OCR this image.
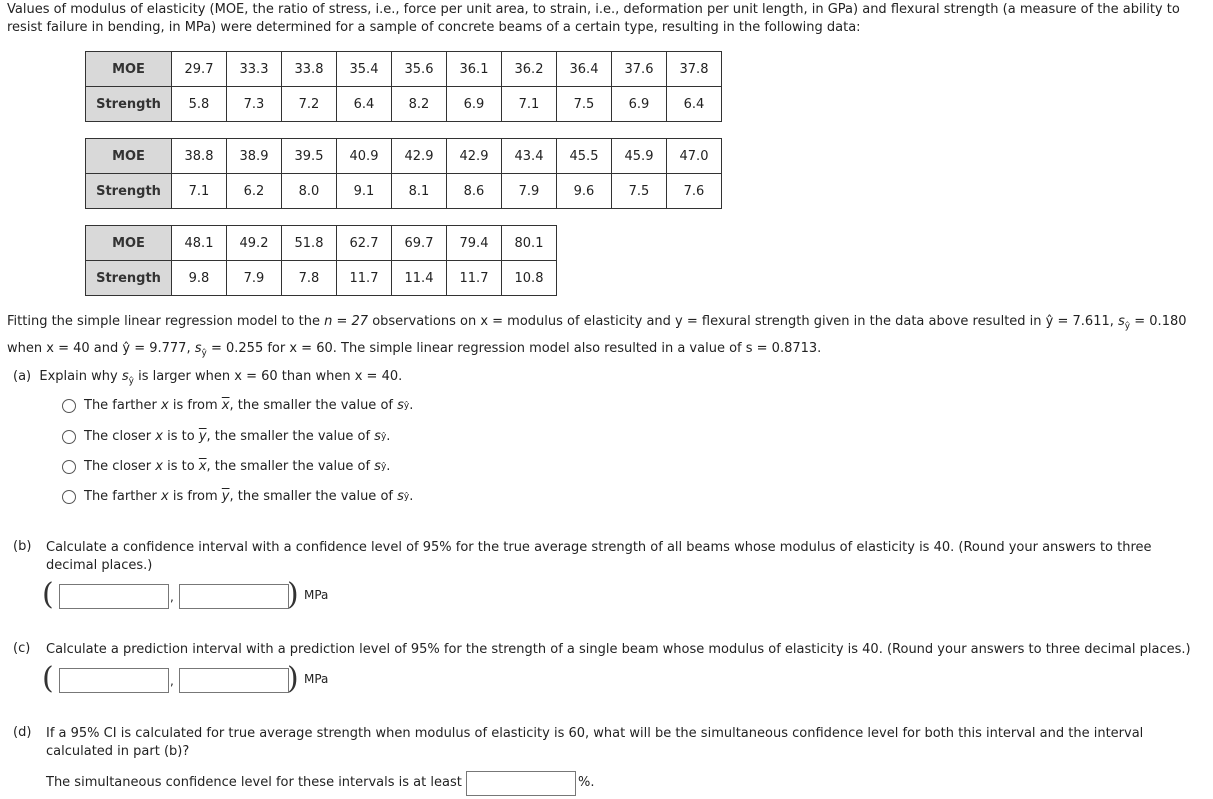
Values of modulus of elasticity (MOE, the ratio of stress, i.e., force per unit area, to strain, i.e., deformation per unit length, in GPa) and flexural strength (a measure of the ability to resist failure in bending, in MPa) were determined for a sample of concrete beams of a certain type, resulting in the following data:

MOE	29.7	33.3	33.8	35.4	35.6	36.1	36.2	36.4	37.6	37.8
Strength	5.8	7.3	7.2	6.4	8.2	6.9	7.1	7.5	6.9	6.4
MOE	38.8	38.9	39.5	40.9	42.9	42.9	43.4	45.5	45.9	47.0
Strength	7.1	6.2	8.0	9.1	8.1	8.6	7.9	9.6	7.5	7.6
MOE	48.1	49.2	51.8	62.7	69.7	79.4	80.1
Strength	9.8	7.9	7.8	11.7	11.4	11.7	10.8

Fitting the simple linear regression model to the n = 27 observations on x = modulus of elasticity and y = flexural strength given in the data above resulted in ŷ = 7.611, $s_ŷ = 0.180$
when x = 40 and ŷ = 9.777, $s_ŷ = 0.255$ for x = 60. The simple linear regression model also resulted in a value of s = 0.8713.

(a) Explain why $s_ŷ$ is larger when x = 60 than when x = 40.
The farther
x
is from
$\overline{x}$ , the smaller the value of
s ŷ .
The closer
x
is to
$\overline{y}$ , the smaller the value of
s ŷ .
The closer
x
is to
$\overline{x}$ , the smaller the value of
s ŷ .
The farther
x
is from
$\overline{y}$ , the smaller the value of
s ŷ .
(b) Calculate a confidence interval with a confidence level of 95% for the true average strength of all beams whose modulus of elasticity is 40. (Round your answers to three decimal places.)

(	,	) MPa
(c) Calculate a prediction interval with a prediction level of 95% for the strength of a single beam whose modulus of elasticity is 40. (Round your answers to three decimal places.)

(	,	) MPa
(d) If a 95% CI is calculated for true average strength when modulus of elasticity is 60, what will be the simultaneous confidence level for both this interval and the interval calculated in part (b)?

The simultaneous confidence level for these intervals is at least	%.
